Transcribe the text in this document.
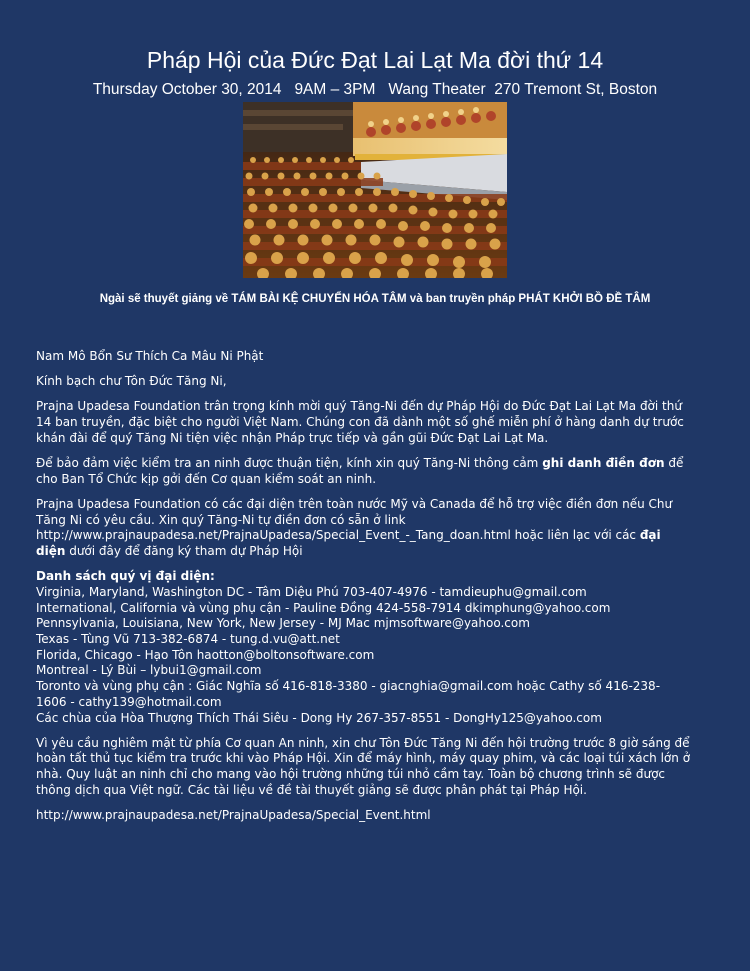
Pháp Hội của Đức Đạt Lai Lạt Ma đời thứ 14
Thursday October 30, 2014   9AM – 3PM   Wang Theater  270 Tremont St, Boston
Ngài sẽ thuyết giảng về TÁM BÀI KỆ CHUYỂN HÓA TÂM và ban truyền pháp PHÁT KHỞI BỒ ĐỀ TÂM

Nam Mô Bổn Sư Thích Ca Mâu Ni Phật

Kính bạch chư Tôn Đức Tăng Ni,

Prajna Upadesa Foundation trân trọng kính mời quý Tăng-Ni đến dự Pháp Hội do Đức Đạt Lai Lạt Ma đời thứ
14 ban truyền, đặc biệt cho người Việt Nam. Chúng con đã dành một số ghế miễn phí ở hàng danh dự trước
khán đài để quý Tăng Ni tiện việc nhận Pháp trực tiếp và gần gũi Đức Đạt Lai Lạt Ma.

Để bảo đảm việc kiểm tra an ninh được thuận tiện, kính xin quý Tăng-Ni thông cảm ghi danh điền đơn để
cho Ban Tổ Chức kịp gởi đến Cơ quan kiểm soát an ninh.

Prajna Upadesa Foundation có các đại diện trên toàn nước Mỹ và Canada để hỗ trợ việc điền đơn nếu Chư
Tăng Ni có yêu cầu. Xin quý Tăng-Ni tự điền đơn có sẵn ở link
http://www.prajnaupadesa.net/PrajnaUpadesa/Special_Event_-_Tang_doan.html hoặc liên lạc với các đại
diện dưới đây để đăng ký tham dự Pháp Hội

Danh sách quý vị đại diện:
Virginia, Maryland, Washington DC - Tâm Diệu Phú 703-407-4976 - tamdieuphu@gmail.com
International, California và vùng phụ cận - Pauline Đồng 424-558-7914 dkimphung@yahoo.com
Pennsylvania, Louisiana, New York, New Jersey - MJ Mac mjmsoftware@yahoo.com
Texas - Tùng Vũ 713-382-6874 - tung.d.vu@att.net
Florida, Chicago - Hạo Tôn haotton@boltonsoftware.com
Montreal - Lý Bùi – lybui1@gmail.com
Toronto và vùng phụ cận : Giác Nghĩa số 416-818-3380 - giacnghia@gmail.com hoặc Cathy số 416-238-
1606 - cathy139@hotmail.com
Các chùa của Hòa Thượng Thích Thái Siêu - Dong Hy 267-357-8551 - DongHy125@yahoo.com

Vì yêu cầu nghiêm mật từ phía Cơ quan An ninh, xin chư Tôn Đức Tăng Ni đến hội trường trước 8 giờ sáng để
hoàn tất thủ tục kiểm tra trước khi vào Pháp Hội. Xin để máy hình, máy quay phim, và các loại túi xách lớn ở
nhà. Quy luật an ninh chỉ cho mang vào hội trường những túi nhỏ cầm tay. Toàn bộ chương trình sẽ được
thông dịch qua Việt ngữ. Các tài liệu về đề tài thuyết giảng sẽ được phân phát tại Pháp Hội.

http://www.prajnaupadesa.net/PrajnaUpadesa/Special_Event.html
